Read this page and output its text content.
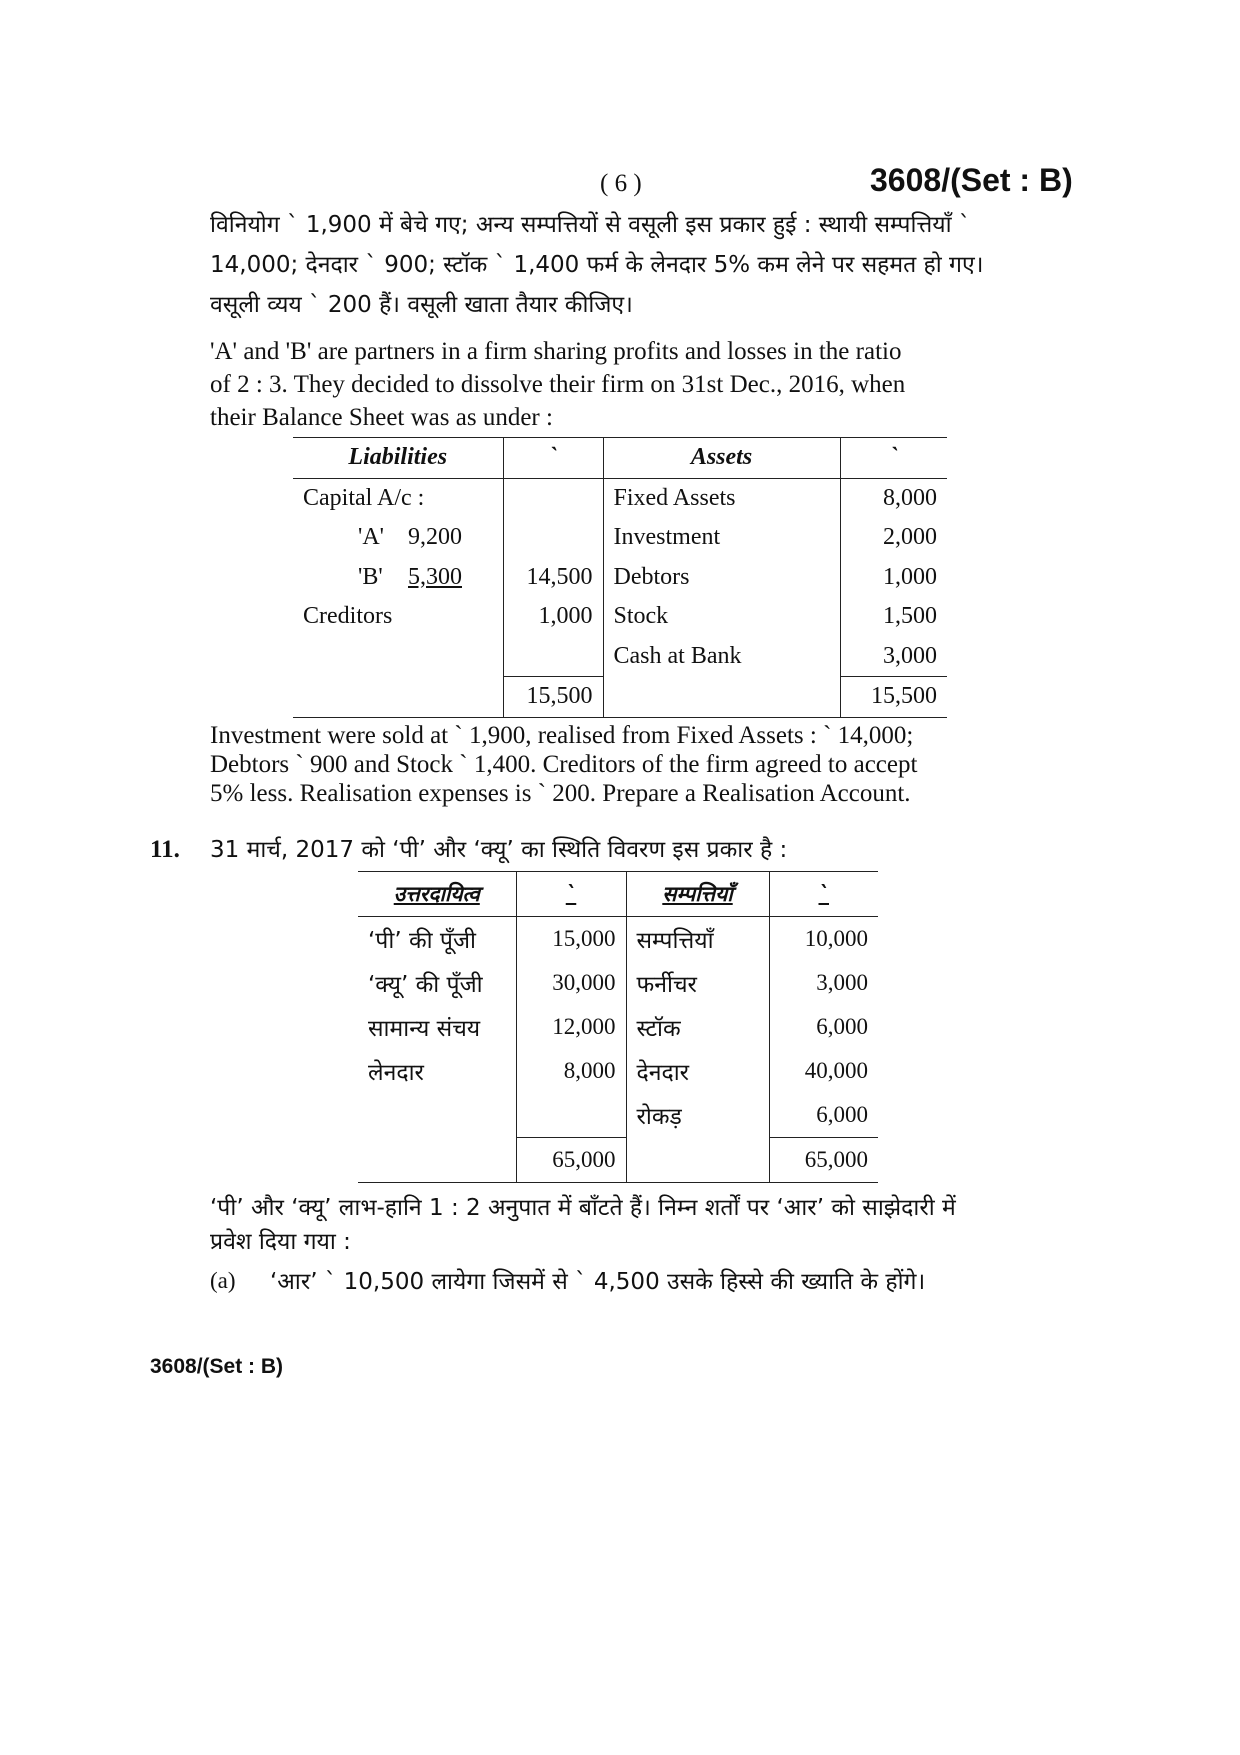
( 6 )	3608/(Set : B)
विनियोग ` 1,900 में बेचे गए; अन्य सम्पत्तियों से वसूली इस प्रकार हुई : स्थायी सम्पत्तियाँ `
14,000; देनदार ` 900; स्टॉक ` 1,400 फर्म के लेनदार 5% कम लेने पर सहमत हो गए।
वसूली व्यय ` 200 हैं। वसूली खाता तैयार कीजिए।
'A' and 'B' are partners in a firm sharing profits and losses in the ratio
of 2 : 3. They decided to dissolve their firm on 31st Dec., 2016, when
their Balance Sheet was as under :
Liabilities	`	Assets	`
Capital A/c :		Fixed Assets	8,000
'A' 9,200		Investment	2,000
'B' 5,300	14,500	Debtors	1,000
Creditors	1,000	Stock	1,500
		Cash at Bank	3,000
	15,500		15,500
Investment were sold at ` 1,900, realised from Fixed Assets : ` 14,000;
Debtors ` 900 and Stock ` 1,400. Creditors of the firm agreed to accept
5% less. Realisation expenses is ` 200. Prepare a Realisation Account.
11. 31 मार्च, 2017 को ‘पी’ और ‘क्यू’ का स्थिति विवरण इस प्रकार है :
उत्तरदायित्व	`	सम्पत्तियाँ	`
‘पी’ की पूँजी	15,000	सम्पत्तियाँ	10,000
‘क्यू’ की पूँजी	30,000	फर्नीचर	3,000
सामान्य संचय	12,000	स्टॉक	6,000
लेनदार	8,000	देनदार	40,000
		रोकड़	6,000
	65,000		65,000
‘पी’ और ‘क्यू’ लाभ-हानि 1 : 2 अनुपात में बाँटते हैं। निम्न शर्तों पर ‘आर’ को साझेदारी में
प्रवेश दिया गया :
(a) ‘आर’ ` 10,500 लायेगा जिसमें से ` 4,500 उसके हिस्से की ख्याति के होंगे।
3608/(Set : B)
